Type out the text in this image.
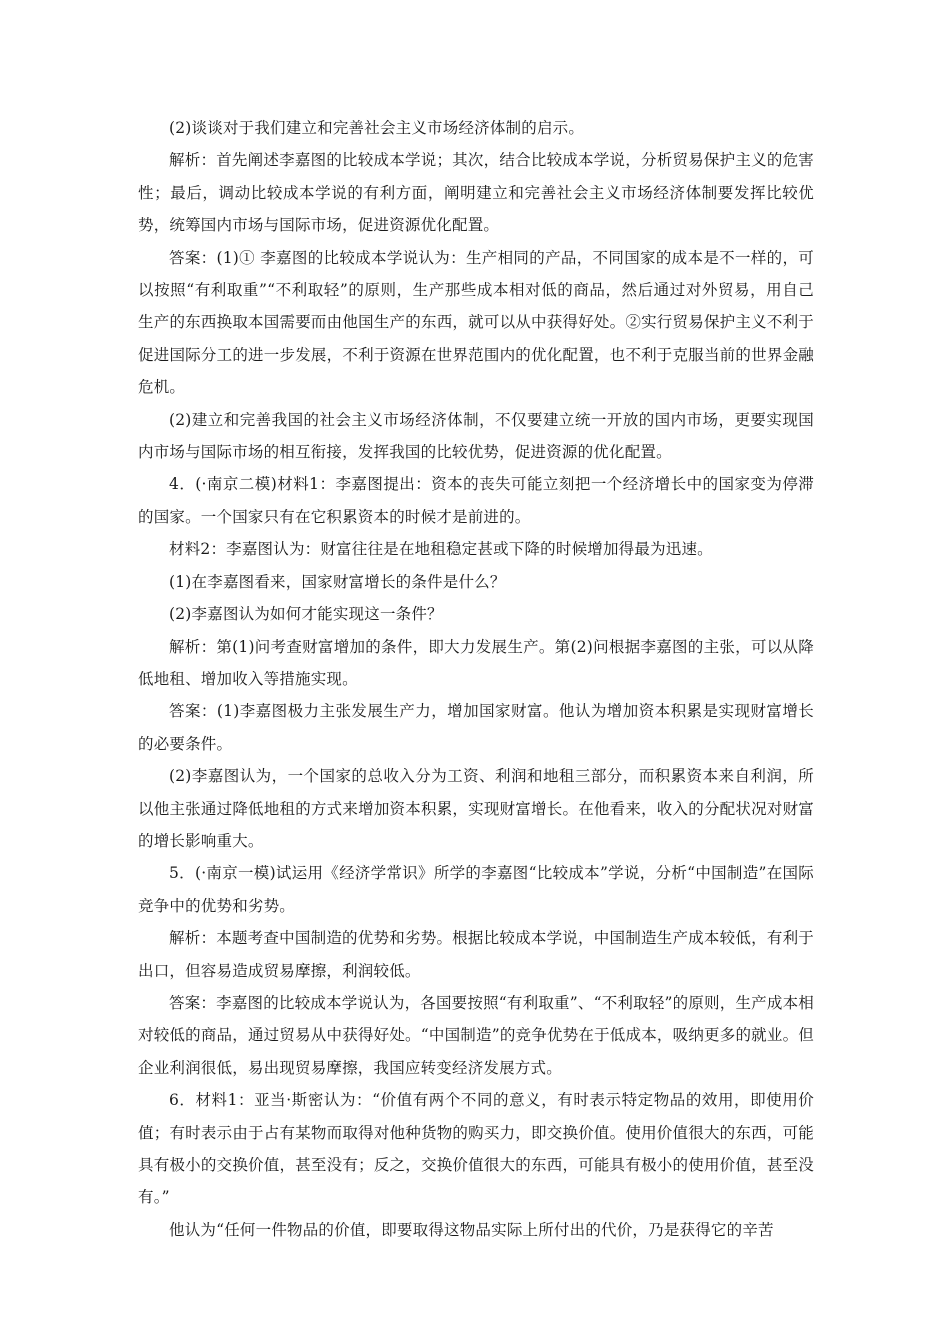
(2)谈谈对于我们建立和完善社会主义市场经济体制的启示。

解析：首先阐述李嘉图的比较成本学说；其次，结合比较成本学说，分析贸易保护主义的危害性；最后，调动比较成本学说的有利方面，阐明建立和完善社会主义市场经济体制要发挥比较优势，统筹国内市场与国际市场，促进资源优化配置。

答案：(1)① 李嘉图的比较成本学说认为：生产相同的产品，不同国家的成本是不一样的，可以按照“有利取重”“不利取轻”的原则，生产那些成本相对低的商品，然后通过对外贸易，用自己生产的东西换取本国需要而由他国生产的东西，就可以从中获得好处。②实行贸易保护主义不利于促进国际分工的进一步发展，不利于资源在世界范围内的优化配置，也不利于克服当前的世界金融危机。

(2)建立和完善我国的社会主义市场经济体制，不仅要建立统一开放的国内市场，更要实现国内市场与国际市场的相互衔接，发挥我国的比较优势，促进资源的优化配置。

4．(·南京二模)材料1：李嘉图提出：资本的丧失可能立刻把一个经济增长中的国家变为停滞的国家。一个国家只有在它积累资本的时候才是前进的。

材料2：李嘉图认为：财富往往是在地租稳定甚或下降的时候增加得最为迅速。

(1)在李嘉图看来，国家财富增长的条件是什么？

(2)李嘉图认为如何才能实现这一条件？

解析：第(1)问考查财富增加的条件，即大力发展生产。第(2)问根据李嘉图的主张，可以从降低地租、增加收入等措施实现。

答案：(1)李嘉图极力主张发展生产力，增加国家财富。他认为增加资本积累是实现财富增长的必要条件。

(2)李嘉图认为，一个国家的总收入分为工资、利润和地租三部分，而积累资本来自利润，所以他主张通过降低地租的方式来增加资本积累，实现财富增长。在他看来，收入的分配状况对财富的增长影响重大。

5．(·南京一模)试运用《经济学常识》所学的李嘉图“比较成本”学说，分析“中国制造”在国际竞争中的优势和劣势。

解析：本题考查中国制造的优势和劣势。根据比较成本学说，中国制造生产成本较低，有利于出口，但容易造成贸易摩擦，利润较低。

答案：李嘉图的比较成本学说认为，各国要按照“有利取重”、“不利取轻”的原则，生产成本相对较低的商品，通过贸易从中获得好处。“中国制造”的竞争优势在于低成本，吸纳更多的就业。但企业利润很低，易出现贸易摩擦，我国应转变经济发展方式。

6．材料1：亚当·斯密认为：“价值有两个不同的意义，有时表示特定物品的效用，即使用价值；有时表示由于占有某物而取得对他种货物的购买力，即交换价值。使用价值很大的东西，可能具有极小的交换价值，甚至没有；反之，交换价值很大的东西，可能具有极小的使用价值，甚至没有。”

他认为“任何一件物品的价值，即要取得这物品实际上所付出的代价，乃是获得它的辛苦
